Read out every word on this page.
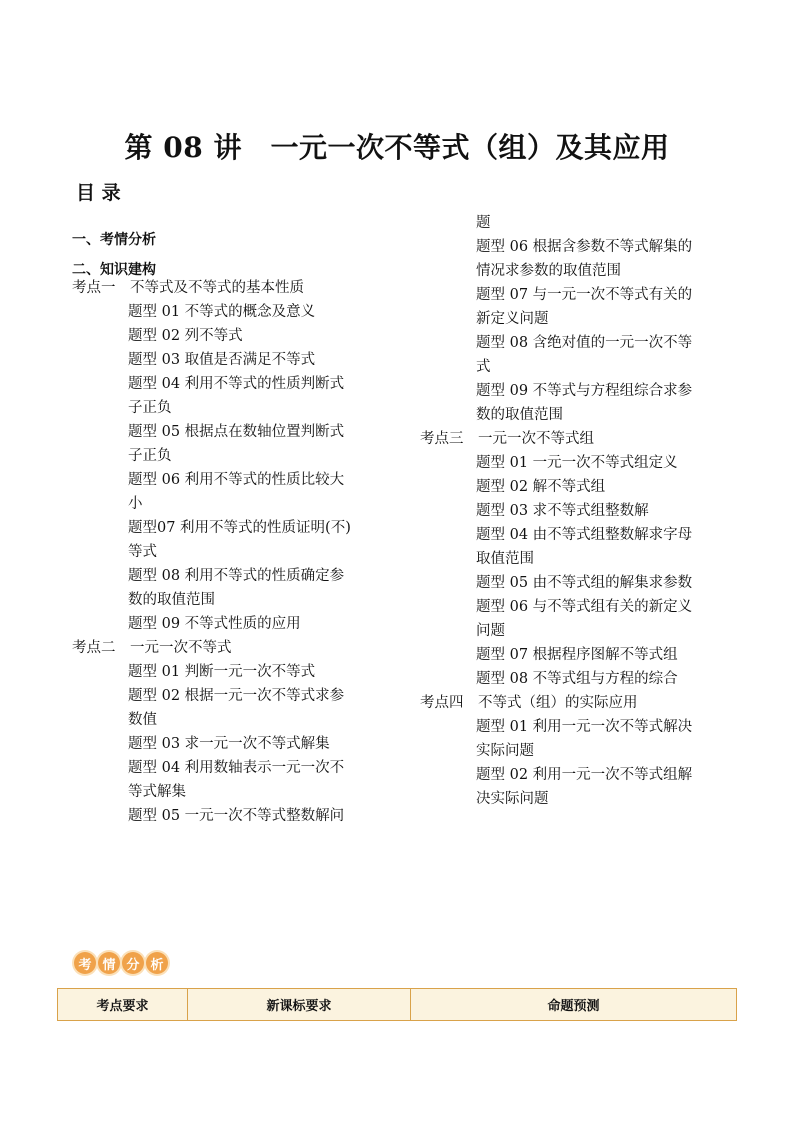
第 08 讲　一元一次不等式（组）及其应用
目 录
一、考情分析
二、知识建构
考点一 不等式及不等式的基本性质
题型 01 不等式的概念及意义
题型 02 列不等式
题型 03 取值是否满足不等式
题型 04 利用不等式的性质判断式
子正负
题型 05 根据点在数轴位置判断式
子正负
题型 06 利用不等式的性质比较大
小
题型07 利用不等式的性质证明(不)
等式
题型 08 利用不等式的性质确定参
数的取值范围
题型 09 不等式性质的应用
考点二 一元一次不等式
题型 01 判断一元一次不等式
题型 02 根据一元一次不等式求参
数值
题型 03 求一元一次不等式解集
题型 04 利用数轴表示一元一次不
等式解集
题型 05 一元一次不等式整数解问
题
题型 06 根据含参数不等式解集的
情况求参数的取值范围
题型 07 与一元一次不等式有关的
新定义问题
题型 08 含绝对值的一元一次不等
式
题型 09 不等式与方程组综合求参
数的取值范围
考点三 一元一次不等式组
题型 01 一元一次不等式组定义
题型 02 解不等式组
题型 03 求不等式组整数解
题型 04 由不等式组整数解求字母
取值范围
题型 05 由不等式组的解集求参数
题型 06 与不等式组有关的新定义
问题
题型 07 根据程序图解不等式组
题型 08 不等式组与方程的综合
考点四 不等式（组）的实际应用
题型 01 利用一元一次不等式解决
实际问题
题型 02 利用一元一次不等式组解
决实际问题
考 情 分 析
考点要求	新课标要求	命题预测
